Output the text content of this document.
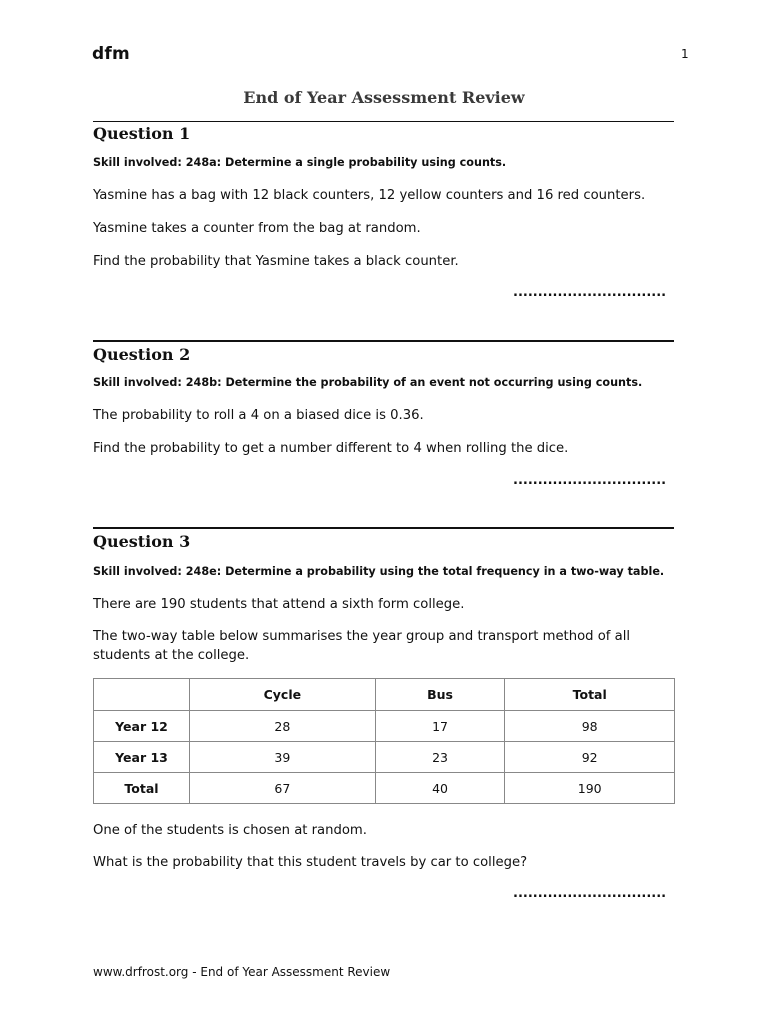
dfm	1
End of Year Assessment Review
Question 1
Skill involved: 248a: Determine a single probability using counts.
Yasmine has a bag with 12 black counters, 12 yellow counters and 16 red counters.
Yasmine takes a counter from the bag at random.
Find the probability that Yasmine takes a black counter.
...............................
Question 2
Skill involved: 248b: Determine the probability of an event not occurring using counts.
The probability to roll a 4 on a biased dice is 0.36.
Find the probability to get a number different to 4 when rolling the dice.
...............................
Question 3
Skill involved: 248e: Determine a probability using the total frequency in a two-way table.
There are 190 students that attend a sixth form college.
The two-way table below summarises the year group and transport method of all students at the college.
	Cycle	Bus	Total
Year 12	28	17	98
Year 13	39	23	92
Total	67	40	190
One of the students is chosen at random.
What is the probability that this student travels by car to college?
...............................
www.drfrost.org - End of Year Assessment Review
